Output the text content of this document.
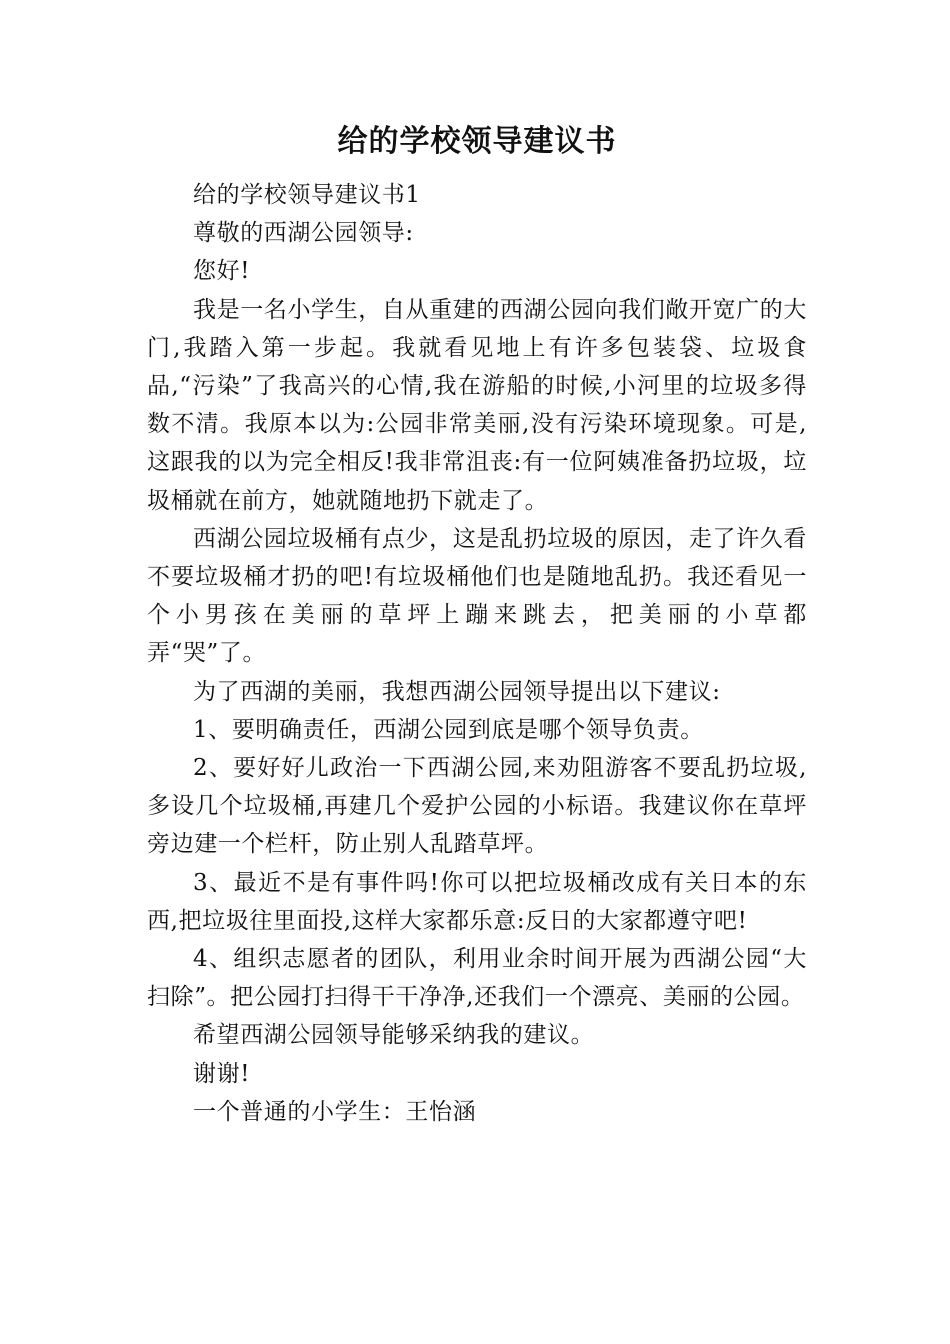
给的学校领导建议书

给的学校领导建议书1

尊敬的西湖公园领导:

您好!

我是一名小学生，自从重建的西湖公园向我们敞开宽广的大门,我踏入第一步起。我就看见地上有许多包装袋、垃圾食品,“污染”了我高兴的心情,我在游船的时候,小河里的垃圾多得数不清。我原本以为:公园非常美丽,没有污染环境现象。可是,这跟我的以为完全相反!我非常沮丧:有一位阿姨准备扔垃圾，垃圾桶就在前方，她就随地扔下就走了。

西湖公园垃圾桶有点少，这是乱扔垃圾的原因，走了许久看不要垃圾桶才扔的吧!有垃圾桶他们也是随地乱扔。我还看见一个小男孩在美丽的草坪上蹦来跳去，把美丽的小草都弄“哭”了。

为了西湖的美丽，我想西湖公园领导提出以下建议:

1、要明确责任，西湖公园到底是哪个领导负责。

2、要好好儿政治一下西湖公园,来劝阻游客不要乱扔垃圾,多设几个垃圾桶,再建几个爱护公园的小标语。我建议你在草坪旁边建一个栏杆，防止别人乱踏草坪。

3、最近不是有事件吗!你可以把垃圾桶改成有关日本的东西,把垃圾往里面投,这样大家都乐意:反日的大家都遵守吧!

4、组织志愿者的团队，利用业余时间开展为西湖公园“大扫除”。把公园打扫得干干净净,还我们一个漂亮、美丽的公园。

希望西湖公园领导能够采纳我的建议。

谢谢!

一个普通的小学生：王怡涵
